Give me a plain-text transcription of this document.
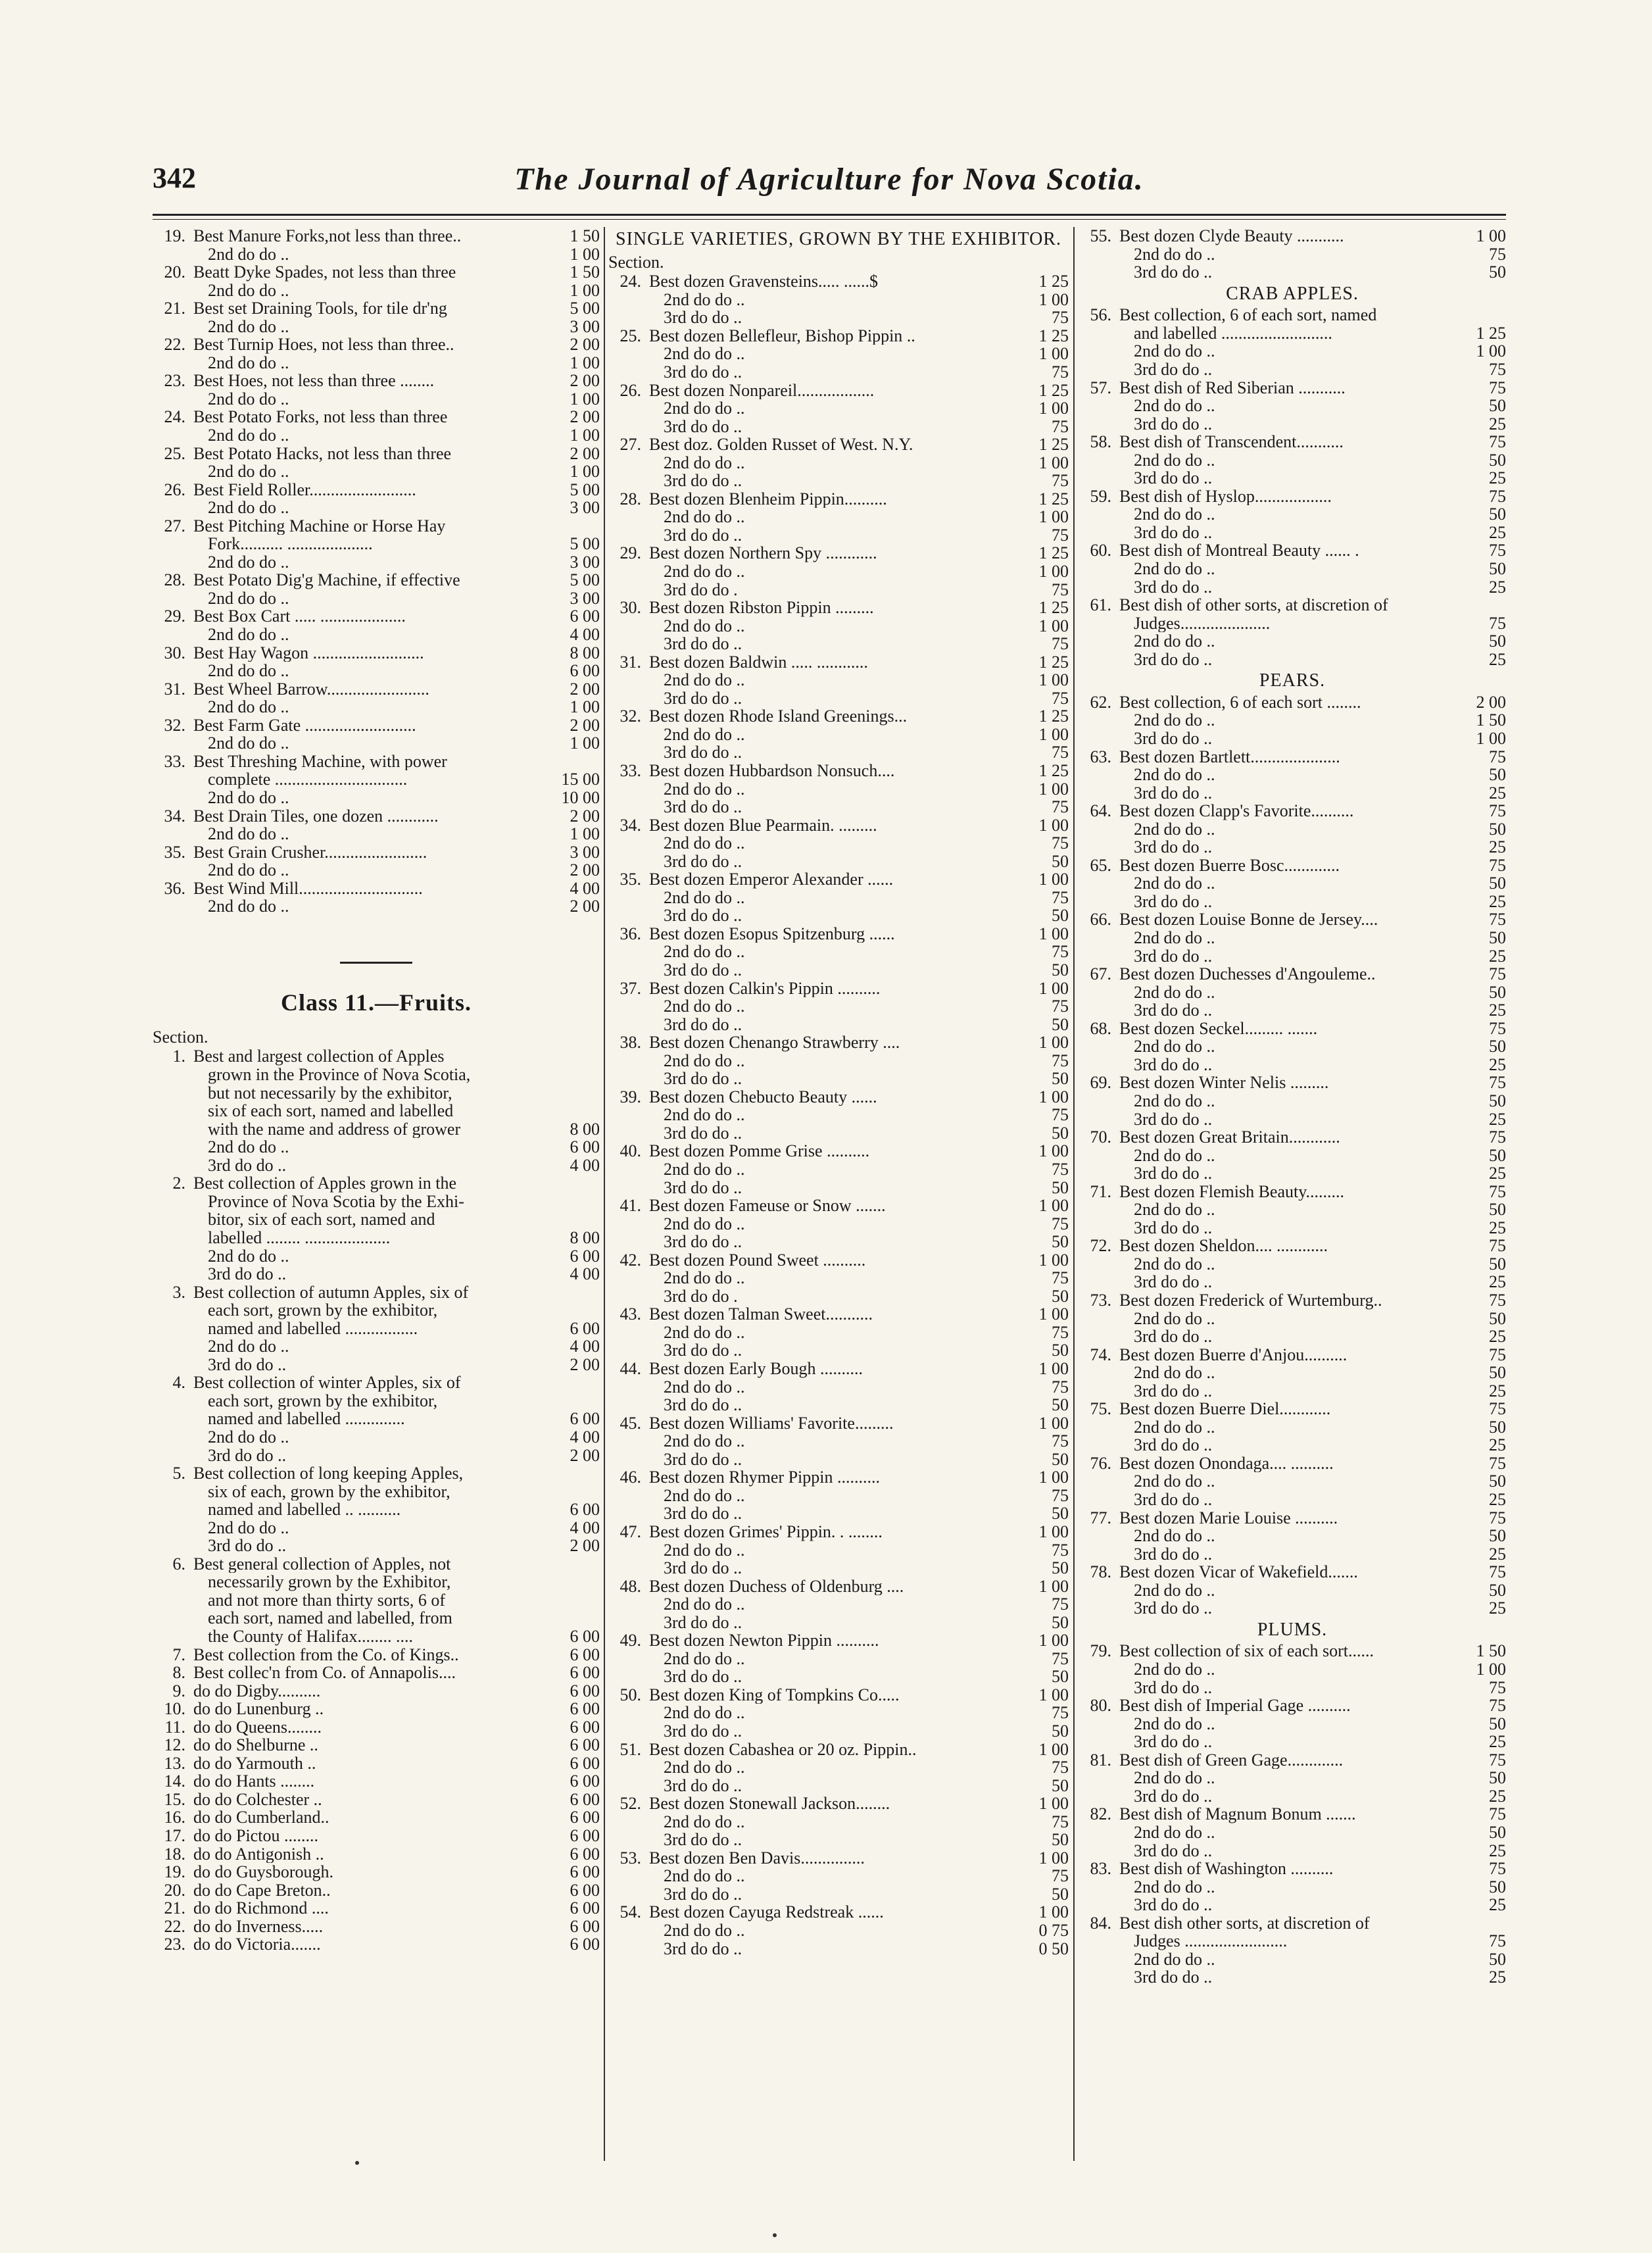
342	The Journal of Agriculture for Nova Scotia.
19. Best Manure Forks,not less than three..	1 50
2nd do do ..	1 00
20. Beatt Dyke Spades, not less than three	1 50
2nd do do ..	1 00
21. Best set Draining Tools, for tile dr'ng	5 00
2nd do do ..	3 00
22. Best Turnip Hoes, not less than three..	2 00
2nd do do ..	1 00
23. Best Hoes, not less than three ........	2 00
2nd do do ..	1 00
24. Best Potato Forks, not less than three	2 00
2nd do do ..	1 00
25. Best Potato Hacks, not less than three	2 00
2nd do do ..	1 00
26. Best Field Roller.........................	5 00
2nd do do ..	3 00
27. Best Pitching Machine or Horse Hay
Fork.......... ....................	5 00
2nd do do ..	3 00
28. Best Potato Dig'g Machine, if effective	5 00
2nd do do ..	3 00
29. Best Box Cart ..... ....................	6 00
2nd do do ..	4 00
30. Best Hay Wagon ..........................	8 00
2nd do do ..	6 00
31. Best Wheel Barrow........................	2 00
2nd do do ..	1 00
32. Best Farm Gate ..........................	2 00
2nd do do ..	1 00
33. Best Threshing Machine, with power
complete ...............................	15 00
2nd do do ..	10 00
34. Best Drain Tiles, one dozen ............	2 00
2nd do do ..	1 00
35. Best Grain Crusher........................	3 00
2nd do do ..	2 00
36. Best Wind Mill.............................	4 00
2nd do do ..	2 00
Class 11.—Fruits.
Section.
1. Best and largest collection of Apples
grown in the Province of Nova Scotia,
but not necessarily by the exhibitor,
six of each sort, named and labelled
with the name and address of grower	8 00
2nd do do ..	6 00
3rd do do ..	4 00
2. Best collection of Apples grown in the
Province of Nova Scotia by the Exhi-
bitor, six of each sort, named and
labelled ........ ....................	8 00
2nd do do ..	6 00
3rd do do ..	4 00
3. Best collection of autumn Apples, six of
each sort, grown by the exhibitor,
named and labelled .................	6 00
2nd do do ..	4 00
3rd do do ..	2 00
4. Best collection of winter Apples, six of
each sort, grown by the exhibitor,
named and labelled ..............	6 00
2nd do do ..	4 00
3rd do do ..	2 00
5. Best collection of long keeping Apples,
six of each, grown by the exhibitor,
named and labelled .. ..........	6 00
2nd do do ..	4 00
3rd do do ..	2 00
6. Best general collection of Apples, not
necessarily grown by the Exhibitor,
and not more than thirty sorts, 6 of
each sort, named and labelled, from
the County of Halifax........ ....	6 00
7. Best collection from the Co. of Kings..	6 00
8. Best collec'n from Co. of Annapolis....	6 00
9. do do Digby..........	6 00
10. do do Lunenburg ..	6 00
11. do do Queens........	6 00
12. do do Shelburne ..	6 00
13. do do Yarmouth ..	6 00
14. do do Hants ........	6 00
15. do do Colchester ..	6 00
16. do do Cumberland..	6 00
17. do do Pictou ........	6 00
18. do do Antigonish ..	6 00
19. do do Guysborough.	6 00
20. do do Cape Breton..	6 00
21. do do Richmond ....	6 00
22. do do Inverness.....	6 00
23. do do Victoria.......	6 00
SINGLE VARIETIES, GROWN BY THE EXHIBITOR.
Section.
24. Best dozen Gravensteins..... ......$	1 25
2nd do do ..	1 00
3rd do do ..	75
25. Best dozen Bellefleur, Bishop Pippin ..	1 25
2nd do do ..	1 00
3rd do do ..	75
26. Best dozen Nonpareil..................	1 25
2nd do do ..	1 00
3rd do do ..	75
27. Best doz. Golden Russet of West. N.Y.	1 25
2nd do do ..	1 00
3rd do do ..	75
28. Best dozen Blenheim Pippin..........	1 25
2nd do do ..	1 00
3rd do do ..	75
29. Best dozen Northern Spy ............	1 25
2nd do do ..	1 00
3rd do do .	75
30. Best dozen Ribston Pippin .........	1 25
2nd do do ..	1 00
3rd do do ..	75
31. Best dozen Baldwin ..... ............	1 25
2nd do do ..	1 00
3rd do do ..	75
32. Best dozen Rhode Island Greenings...	1 25
2nd do do ..	1 00
3rd do do ..	75
33. Best dozen Hubbardson Nonsuch....	1 25
2nd do do ..	1 00
3rd do do ..	75
34. Best dozen Blue Pearmain. .........	1 00
2nd do do ..	75
3rd do do ..	50
35. Best dozen Emperor Alexander ......	1 00
2nd do do ..	75
3rd do do ..	50
36. Best dozen Esopus Spitzenburg ......	1 00
2nd do do ..	75
3rd do do ..	50
37. Best dozen Calkin's Pippin ..........	1 00
2nd do do ..	75
3rd do do ..	50
38. Best dozen Chenango Strawberry ....	1 00
2nd do do ..	75
3rd do do ..	50
39. Best dozen Chebucto Beauty ......	1 00
2nd do do ..	75
3rd do do ..	50
40. Best dozen Pomme Grise ..........	1 00
2nd do do ..	75
3rd do do ..	50
41. Best dozen Fameuse or Snow .......	1 00
2nd do do ..	75
3rd do do ..	50
42. Best dozen Pound Sweet ..........	1 00
2nd do do ..	75
3rd do do .	50
43. Best dozen Talman Sweet...........	1 00
2nd do do ..	75
3rd do do ..	50
44. Best dozen Early Bough ..........	1 00
2nd do do ..	75
3rd do do ..	50
45. Best dozen Williams' Favorite.........	1 00
2nd do do ..	75
3rd do do ..	50
46. Best dozen Rhymer Pippin ..........	1 00
2nd do do ..	75
3rd do do ..	50
47. Best dozen Grimes' Pippin. . ........	1 00
2nd do do ..	75
3rd do do ..	50
48. Best dozen Duchess of Oldenburg ....	1 00
2nd do do ..	75
3rd do do ..	50
49. Best dozen Newton Pippin ..........	1 00
2nd do do ..	75
3rd do do ..	50
50. Best dozen King of Tompkins Co.....	1 00
2nd do do ..	75
3rd do do ..	50
51. Best dozen Cabashea or 20 oz. Pippin..	1 00
2nd do do ..	75
3rd do do ..	50
52. Best dozen Stonewall Jackson........	1 00
2nd do do ..	75
3rd do do ..	50
53. Best dozen Ben Davis...............	1 00
2nd do do ..	75
3rd do do ..	50
54. Best dozen Cayuga Redstreak ......	1 00
2nd do do ..	0 75
3rd do do ..	0 50
55. Best dozen Clyde Beauty ...........	1 00
2nd do do ..	75
3rd do do ..	50
CRAB APPLES.
56. Best collection, 6 of each sort, named
and labelled ..........................	1 25
2nd do do ..	1 00
3rd do do ..	75
57. Best dish of Red Siberian ...........	75
2nd do do ..	50
3rd do do ..	25
58. Best dish of Transcendent...........	75
2nd do do ..	50
3rd do do ..	25
59. Best dish of Hyslop..................	75
2nd do do ..	50
3rd do do ..	25
60. Best dish of Montreal Beauty ...... .	75
2nd do do ..	50
3rd do do ..	25
61. Best dish of other sorts, at discretion of
Judges.....................	75
2nd do do ..	50
3rd do do ..	25
PEARS.
62. Best collection, 6 of each sort ........	2 00
2nd do do ..	1 50
3rd do do ..	1 00
63. Best dozen Bartlett.....................	75
2nd do do ..	50
3rd do do ..	25
64. Best dozen Clapp's Favorite..........	75
2nd do do ..	50
3rd do do ..	25
65. Best dozen Buerre Bosc.............	75
2nd do do ..	50
3rd do do ..	25
66. Best dozen Louise Bonne de Jersey....	75
2nd do do ..	50
3rd do do ..	25
67. Best dozen Duchesses d'Angouleme..	75
2nd do do ..	50
3rd do do ..	25
68. Best dozen Seckel......... .......	75
2nd do do ..	50
3rd do do ..	25
69. Best dozen Winter Nelis .........	75
2nd do do ..	50
3rd do do ..	25
70. Best dozen Great Britain............	75
2nd do do ..	50
3rd do do ..	25
71. Best dozen Flemish Beauty.........	75
2nd do do ..	50
3rd do do ..	25
72. Best dozen Sheldon.... ............	75
2nd do do ..	50
3rd do do ..	25
73. Best dozen Frederick of Wurtemburg..	75
2nd do do ..	50
3rd do do ..	25
74. Best dozen Buerre d'Anjou..........	75
2nd do do ..	50
3rd do do ..	25
75. Best dozen Buerre Diel............	75
2nd do do ..	50
3rd do do ..	25
76. Best dozen Onondaga.... ..........	75
2nd do do ..	50
3rd do do ..	25
77. Best dozen Marie Louise ..........	75
2nd do do ..	50
3rd do do ..	25
78. Best dozen Vicar of Wakefield.......	75
2nd do do ..	50
3rd do do ..	25
PLUMS.
79. Best collection of six of each sort......	1 50
2nd do do ..	1 00
3rd do do ..	75
80. Best dish of Imperial Gage ..........	75
2nd do do ..	50
3rd do do ..	25
81. Best dish of Green Gage.............	75
2nd do do ..	50
3rd do do ..	25
82. Best dish of Magnum Bonum .......	75
2nd do do ..	50
3rd do do ..	25
83. Best dish of Washington ..........	75
2nd do do ..	50
3rd do do ..	25
84. Best dish other sorts, at discretion of
Judges ........................	75
2nd do do ..	50
3rd do do ..	25
